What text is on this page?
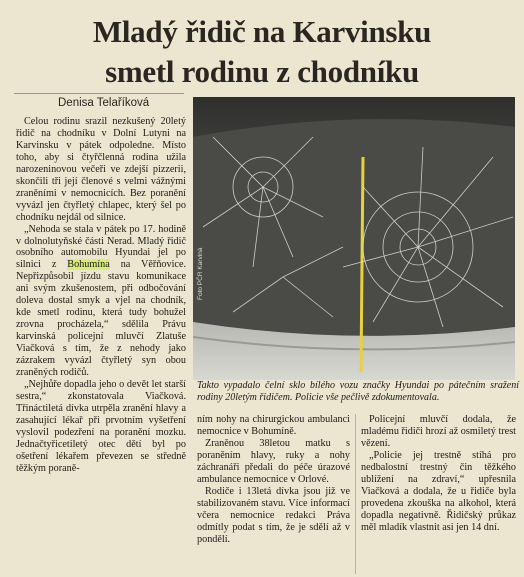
Mladý řidič na Karvinsku
smetl rodinu z chodníku
Denisa Telaříková

Celou rodinu srazil nezkušený 20letý řidič na chodníku v Dolní Lutyni na Karvinsku v pátek odpoledne. Místo toho, aby si čtyřčlenná rodina užila narozeninovou večeři ve zdejší pizzerii, skončili tři její členové s velmi vážnými zraněními v nemocnicích. Bez poranění vyvázl jen čtyřletý chlapec, který šel po chodníku nejdál od silnice.

„Nehoda se stala v pátek po 17. hodině v dolnolutyňské části Nerad. Mladý řidič osobního automobilu Hyundai jel po silnici z Bohumína na Věřňovice. Nepřizpůsobil jízdu stavu komunikace ani svým zkušenostem, při odbočování doleva dostal smyk a vjel na chodník, kde smetl rodinu, která tudy bohužel zrovna procházela,“ sdělila Právu karvinská policejní mluvčí Zlatuše Viačková s tím, že z nehody jako zázrakem vyvázl čtyřletý syn obou zraněných rodičů.

„Nejhůře dopadla jeho o devět let starší sestra,“ zkonstatovala Viačková. Třináctiletá dívka utrpěla zranění hlavy a zasahující lékař při prvotním vyšetření vyslovil podezření na poranění mozku. Jednačtyřicetiletý otec dětí byl po ošetření lékařem převezen se středně těžkým poraně-

Foto PČR Karviná
Takto vypadalo čelní sklo bílého vozu značky Hyundai po pátečním sražení rodiny 20letým řidičem. Policie vše pečlivě zdokumentovala.

ním nohy na chirurgickou ambulanci nemocnice v Bohumíně.

Zraněnou 38letou matku s poraněním hlavy, ruky a nohy záchranáři předali do péče úrazové ambulance nemocnice v Orlové.

Rodiče i 13letá dívka jsou již ve stabilizovaném stavu. Více informací včera nemocnice redakci Práva odmítly podat s tím, že je sdělí až v pondělí.

Policejní mluvčí dodala, že mladému řidiči hrozí až osmiletý trest vězení.

„Policie jej trestně stíhá pro nedbalostní trestný čin těžkého ublížení na zdraví,“ upřesnila Viačková a dodala, že u řidiče byla provedena zkouška na alkohol, která dopadla negativně. Řidičský průkaz měl mladík vlastnit asi jen 14 dní.
